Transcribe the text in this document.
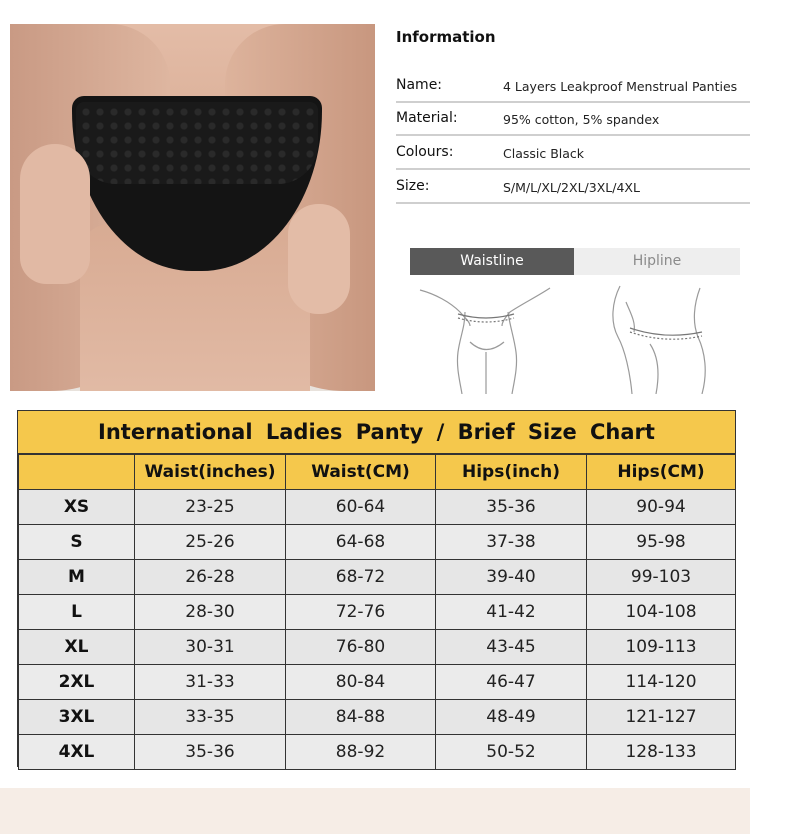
Information
Name:	4 Layers Leakproof Menstrual Panties
Material:	95% cotton, 5% spandex
Colours:	Classic Black
Size:	S/M/L/XL/2XL/3XL/4XL
Waistline	Hipline
International Ladies Panty / Brief Size Chart
	Waist(inches)	Waist(CM)	Hips(inch)	Hips(CM)
XS	23-25	60-64	35-36	90-94
S	25-26	64-68	37-38	95-98
M	26-28	68-72	39-40	99-103
L	28-30	72-76	41-42	104-108
XL	30-31	76-80	43-45	109-113
2XL	31-33	80-84	46-47	114-120
3XL	33-35	84-88	48-49	121-127
4XL	35-36	88-92	50-52	128-133
